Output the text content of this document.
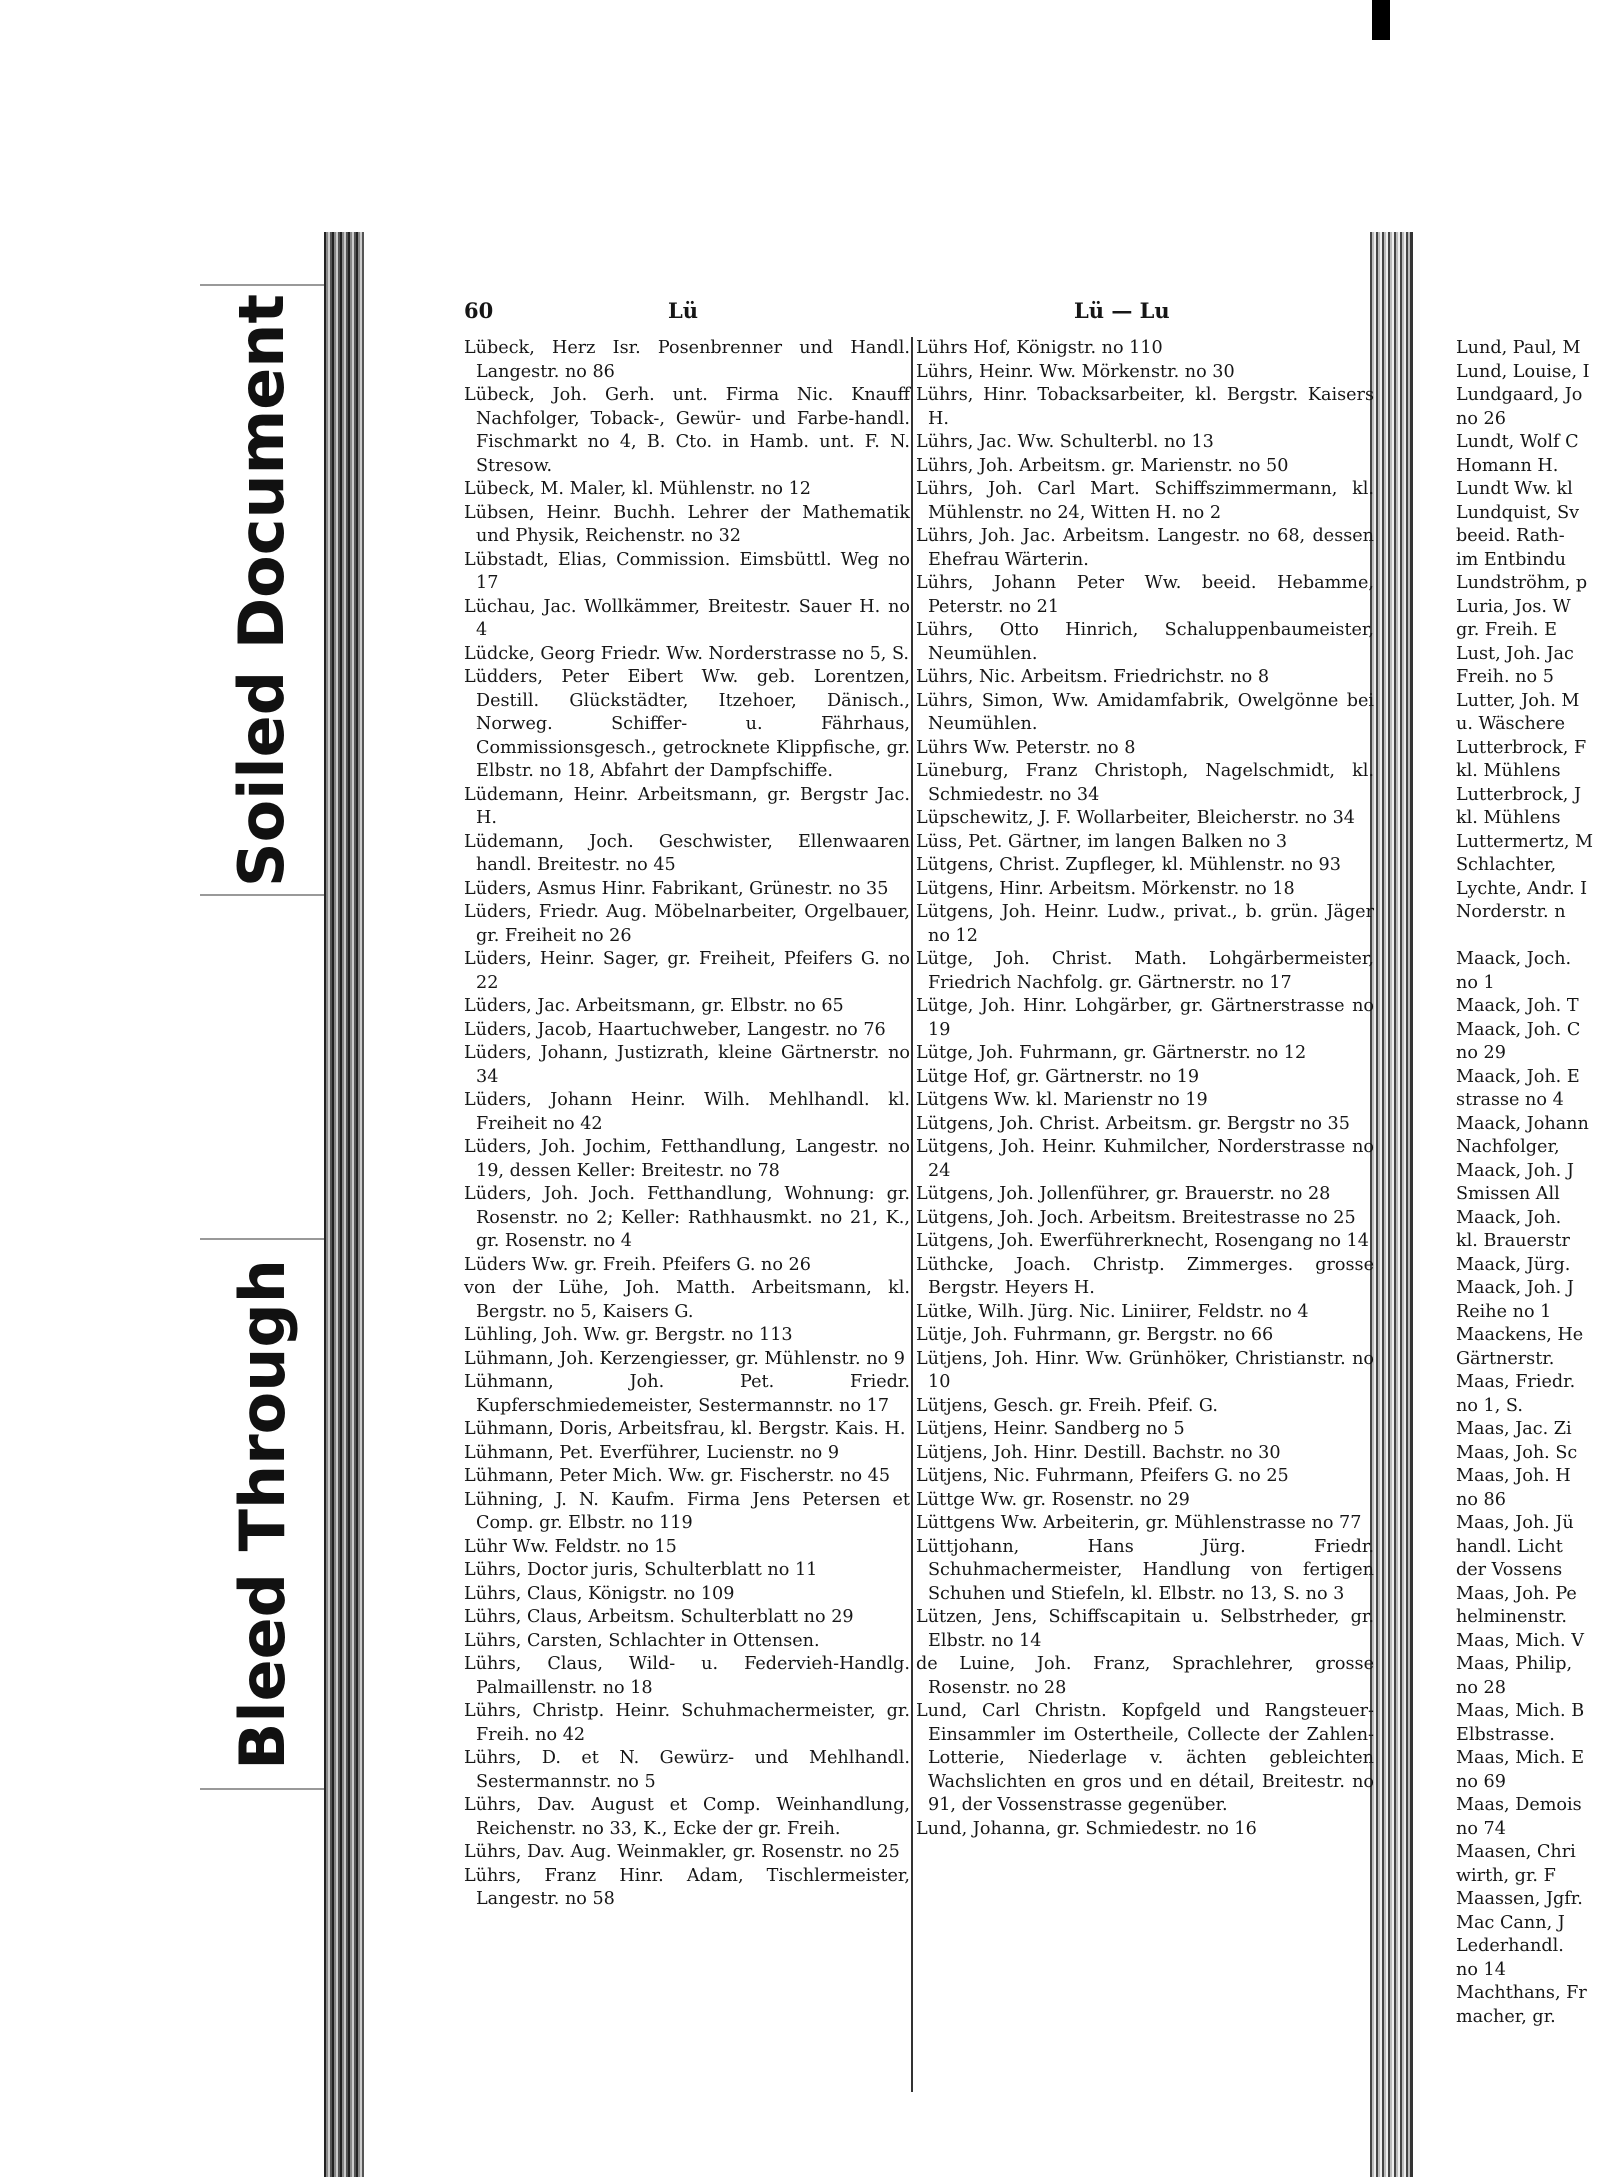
Soiled Document
Bleed Through
60	Lü	Lü — Lu
Lübeck, Herz Isr. Posenbrenner und Handl. Langestr. no 86
Lübeck, Joh. Gerh. unt. Firma Nic. Knauff Nachfolger, Toback-, Gewür- und Farbe-handl. Fischmarkt no 4, B. Cto. in Hamb. unt. F. N. Stresow.
Lübeck, M. Maler, kl. Mühlenstr. no 12
Lübsen, Heinr. Buchh. Lehrer der Mathematik und Physik, Reichenstr. no 32
Lübstadt, Elias, Commission. Eimsbüttl. Weg no 17
Lüchau, Jac. Wollkämmer, Breitestr. Sauer H. no 4
Lüdcke, Georg Friedr. Ww. Norderstrasse no 5, S.
Lüdders, Peter Eibert Ww. geb. Lorentzen, Destill. Glückstädter, Itzehoer, Dänisch., Norweg. Schiffer- u. Fährhaus, Commissionsgesch., getrocknete Klippfische, gr. Elbstr. no 18, Abfahrt der Dampfschiffe.
Lüdemann, Heinr. Arbeitsmann, gr. Bergstr Jac. H.
Lüdemann, Joch. Geschwister, Ellenwaaren handl. Breitestr. no 45
Lüders, Asmus Hinr. Fabrikant, Grünestr. no 35
Lüders, Friedr. Aug. Möbelnarbeiter, Orgelbauer, gr. Freiheit no 26
Lüders, Heinr. Sager, gr. Freiheit, Pfeifers G. no 22
Lüders, Jac. Arbeitsmann, gr. Elbstr. no 65
Lüders, Jacob, Haartuchweber, Langestr. no 76
Lüders, Johann, Justizrath, kleine Gärtnerstr. no 34
Lüders, Johann Heinr. Wilh. Mehlhandl. kl. Freiheit no 42
Lüders, Joh. Jochim, Fetthandlung, Langestr. no 19, dessen Keller: Breitestr. no 78
Lüders, Joh. Joch. Fetthandlung, Wohnung: gr. Rosenstr. no 2; Keller: Rathhausmkt. no 21, K., gr. Rosenstr. no 4
Lüders Ww. gr. Freih. Pfeifers G. no 26
von der Lühe, Joh. Matth. Arbeitsmann, kl. Bergstr. no 5, Kaisers G.
Lühling, Joh. Ww. gr. Bergstr. no 113
Lühmann, Joh. Kerzengiesser, gr. Mühlenstr. no 9
Lühmann, Joh. Pet. Friedr. Kupferschmiedemeister, Sestermannstr. no 17
Lühmann, Doris, Arbeitsfrau, kl. Bergstr. Kais. H.
Lühmann, Pet. Everführer, Lucienstr. no 9
Lühmann, Peter Mich. Ww. gr. Fischerstr. no 45
Lühning, J. N. Kaufm. Firma Jens Petersen et Comp. gr. Elbstr. no 119
Lühr Ww. Feldstr. no 15
Lührs, Doctor juris, Schulterblatt no 11
Lührs, Claus, Königstr. no 109
Lührs, Claus, Arbeitsm. Schulterblatt no 29
Lührs, Carsten, Schlachter in Ottensen.
Lührs, Claus, Wild- u. Federvieh-Handlg. Palmaillenstr. no 18
Lührs, Christp. Heinr. Schuhmachermeister, gr. Freih. no 42
Lührs, D. et N. Gewürz- und Mehlhandl. Sestermannstr. no 5
Lührs, Dav. August et Comp. Weinhandlung, Reichenstr. no 33, K., Ecke der gr. Freih.
Lührs, Dav. Aug. Weinmakler, gr. Rosenstr. no 25
Lührs, Franz Hinr. Adam, Tischlermeister, Langestr. no 58
Lührs Hof, Königstr. no 110
Lührs, Heinr. Ww. Mörkenstr. no 30
Lührs, Hinr. Tobacksarbeiter, kl. Bergstr. Kaisers H.
Lührs, Jac. Ww. Schulterbl. no 13
Lührs, Joh. Arbeitsm. gr. Marienstr. no 50
Lührs, Joh. Carl Mart. Schiffszimmermann, kl. Mühlenstr. no 24, Witten H. no 2
Lührs, Joh. Jac. Arbeitsm. Langestr. no 68, dessen Ehefrau Wärterin.
Lührs, Johann Peter Ww. beeid. Hebamme, Peterstr. no 21
Lührs, Otto Hinrich, Schaluppenbaumeister, Neumühlen.
Lührs, Nic. Arbeitsm. Friedrichstr. no 8
Lührs, Simon, Ww. Amidamfabrik, Owelgönne bei Neumühlen.
Lührs Ww. Peterstr. no 8
Lüneburg, Franz Christoph, Nagelschmidt, kl. Schmiedestr. no 34
Lüpschewitz, J. F. Wollarbeiter, Bleicherstr. no 34
Lüss, Pet. Gärtner, im langen Balken no 3
Lütgens, Christ. Zupfleger, kl. Mühlenstr. no 93
Lütgens, Hinr. Arbeitsm. Mörkenstr. no 18
Lütgens, Joh. Heinr. Ludw., privat., b. grün. Jäger no 12
Lütge, Joh. Christ. Math. Lohgärbermeister, Friedrich Nachfolg. gr. Gärtnerstr. no 17
Lütge, Joh. Hinr. Lohgärber, gr. Gärtnerstrasse no 19
Lütge, Joh. Fuhrmann, gr. Gärtnerstr. no 12
Lütge Hof, gr. Gärtnerstr. no 19
Lütgens Ww. kl. Marienstr no 19
Lütgens, Joh. Christ. Arbeitsm. gr. Bergstr no 35
Lütgens, Joh. Heinr. Kuhmilcher, Norderstrasse no 24
Lütgens, Joh. Jollenführer, gr. Brauerstr. no 28
Lütgens, Joh. Joch. Arbeitsm. Breitestrasse no 25
Lütgens, Joh. Ewerführerknecht, Rosengang no 14
Lüthcke, Joach. Christp. Zimmerges. grosse Bergstr. Heyers H.
Lütke, Wilh. Jürg. Nic. Liniirer, Feldstr. no 4
Lütje, Joh. Fuhrmann, gr. Bergstr. no 66
Lütjens, Joh. Hinr. Ww. Grünhöker, Christianstr. no 10
Lütjens, Gesch. gr. Freih. Pfeif. G.
Lütjens, Heinr. Sandberg no 5
Lütjens, Joh. Hinr. Destill. Bachstr. no 30
Lütjens, Nic. Fuhrmann, Pfeifers G. no 25
Lüttge Ww. gr. Rosenstr. no 29
Lüttgens Ww. Arbeiterin, gr. Mühlenstrasse no 77
Lüttjohann, Hans Jürg. Friedr. Schuhmachermeister, Handlung von fertigen Schuhen und Stiefeln, kl. Elbstr. no 13, S. no 3
Lützen, Jens, Schiffscapitain u. Selbstrheder, gr. Elbstr. no 14
de Luine, Joh. Franz, Sprachlehrer, grosse Rosenstr. no 28
Lund, Carl Christn. Kopfgeld und Rangsteuer-Einsammler im Ostertheile, Collecte der Zahlen-Lotterie, Niederlage v. ächten gebleichten Wachslichten en gros und en détail, Breitestr. no 91, der Vossenstrasse gegenüber.
Lund, Johanna, gr. Schmiedestr. no 16
Lund, Paul, M
Lund, Louise, I
Lundgaard, Jo
no 26
Lundt, Wolf C
Homann H.
Lundt Ww. kl
Lundquist, Sv
beeid. Rath-
im Entbindu
Lundströhm, p
Luria, Jos. W
gr. Freih. E
Lust, Joh. Jac
Freih. no 5
Lutter, Joh. M
u. Wäschere
Lutterbrock, F
kl. Mühlens
Lutterbrock, J
kl. Mühlens
Luttermertz, M
Schlachter,
Lychte, Andr. I
Norderstr. n
Maack, Joch.
no 1
Maack, Joh. T
Maack, Joh. C
no 29
Maack, Joh. E
strasse no 4
Maack, Johann
Nachfolger,
Maack, Joh. J
Smissen All
Maack, Joh.
kl. Brauerstr
Maack, Jürg.
Maack, Joh. J
Reihe no 1
Maackens, He
Gärtnerstr.
Maas, Friedr.
no 1, S.
Maas, Jac. Zi
Maas, Joh. Sc
Maas, Joh. H
no 86
Maas, Joh. Jü
handl. Licht
der Vossens
Maas, Joh. Pe
helminenstr.
Maas, Mich. V
Maas, Philip,
no 28
Maas, Mich. B
Elbstrasse.
Maas, Mich. E
no 69
Maas, Demois
no 74
Maasen, Chri
wirth, gr. F
Maassen, Jgfr.
Mac Cann, J
Lederhandl.
no 14
Machthans, Fr
macher, gr.
